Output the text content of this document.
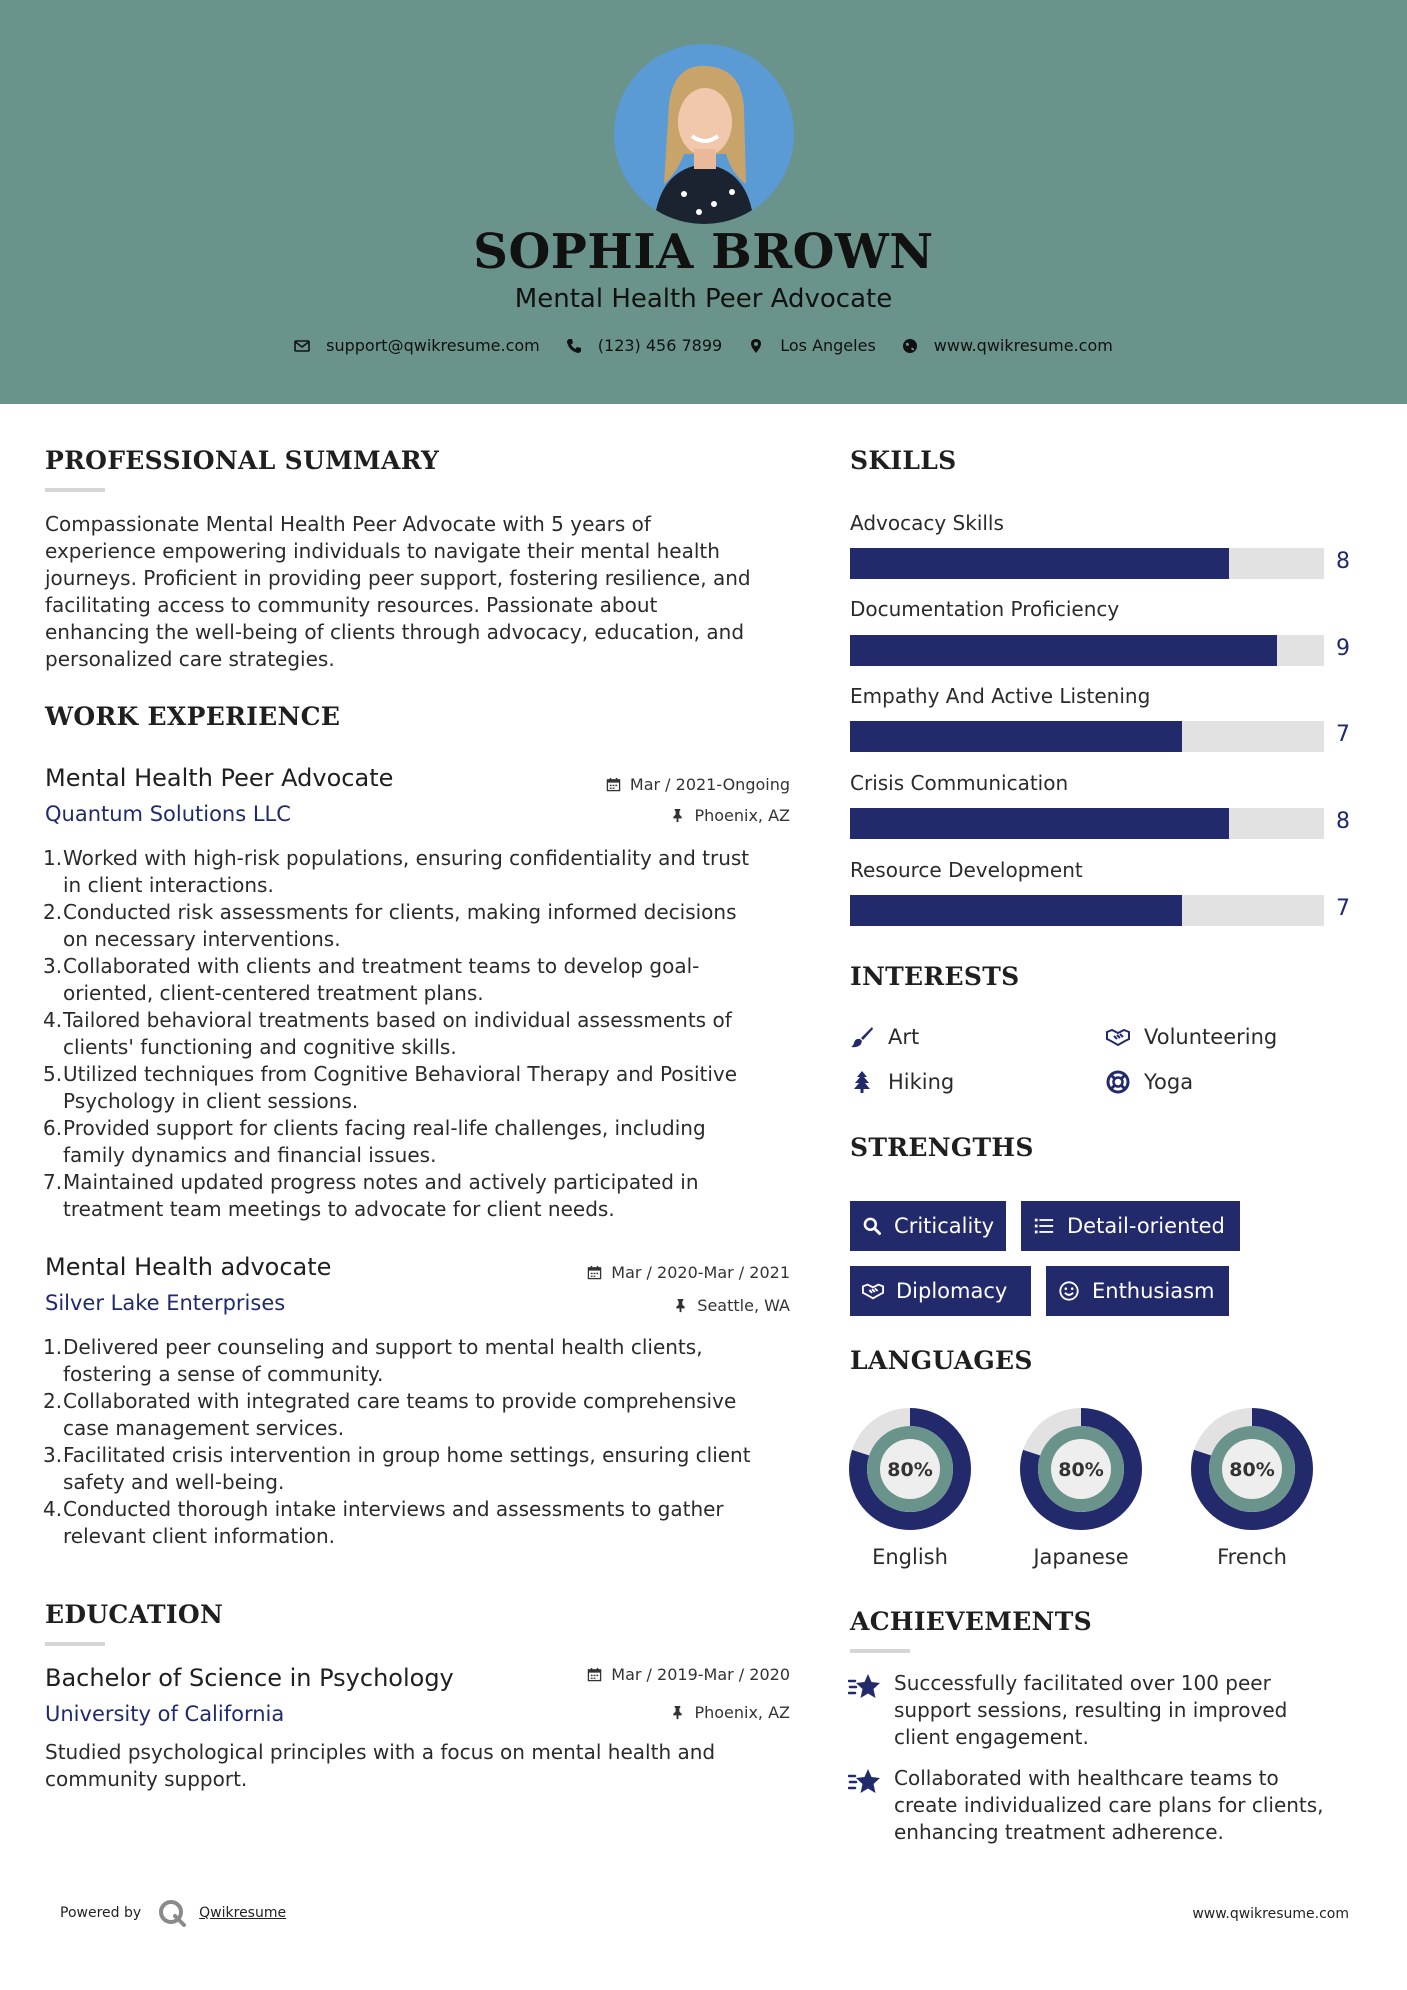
SOPHIA BROWN
Mental Health Peer Advocate
support@qwikresume.com	(123) 456 7899	Los Angeles	www.qwikresume.com
PROFESSIONAL SUMMARY
Compassionate Mental Health Peer Advocate with 5 years of
experience empowering individuals to navigate their mental health
journeys. Proficient in providing peer support, fostering resilience, and
facilitating access to community resources. Passionate about
enhancing the well-being of clients through advocacy, education, and
personalized care strategies.
WORK EXPERIENCE
Mental Health Peer Advocate
Quantum Solutions LLC
Mar / 2021-Ongoing
Phoenix, AZ
1. Worked with high-risk populations, ensuring confidentiality and trust
in client interactions.
2. Conducted risk assessments for clients, making informed decisions
on necessary interventions.
3. Collaborated with clients and treatment teams to develop goal-
oriented, client-centered treatment plans.
4. Tailored behavioral treatments based on individual assessments of
clients' functioning and cognitive skills.
5. Utilized techniques from Cognitive Behavioral Therapy and Positive
Psychology in client sessions.
6. Provided support for clients facing real-life challenges, including
family dynamics and financial issues.
7. Maintained updated progress notes and actively participated in
treatment team meetings to advocate for client needs.
Mental Health advocate
Silver Lake Enterprises
Mar / 2020-Mar / 2021
Seattle, WA
1. Delivered peer counseling and support to mental health clients,
fostering a sense of community.
2. Collaborated with integrated care teams to provide comprehensive
case management services.
3. Facilitated crisis intervention in group home settings, ensuring client
safety and well-being.
4. Conducted thorough intake interviews and assessments to gather
relevant client information.
EDUCATION
Bachelor of Science in Psychology
University of California
Mar / 2019-Mar / 2020
Phoenix, AZ
Studied psychological principles with a focus on mental health and
community support.
SKILLS
Advocacy Skills
8
Documentation Proficiency
9
Empathy And Active Listening
7
Crisis Communication
8
Resource Development
7
INTERESTS
Art	Volunteering
Hiking	Yoga
STRENGTHS
Criticality	Detail-oriented
Diplomacy	Enthusiasm
LANGUAGES
80%
English
80%
Japanese
80%
French
ACHIEVEMENTS
Successfully facilitated over 100 peer
support sessions, resulting in improved
client engagement.
Collaborated with healthcare teams to
create individualized care plans for clients,
enhancing treatment adherence.
Powered by	Qwikresume	www.qwikresume.com
